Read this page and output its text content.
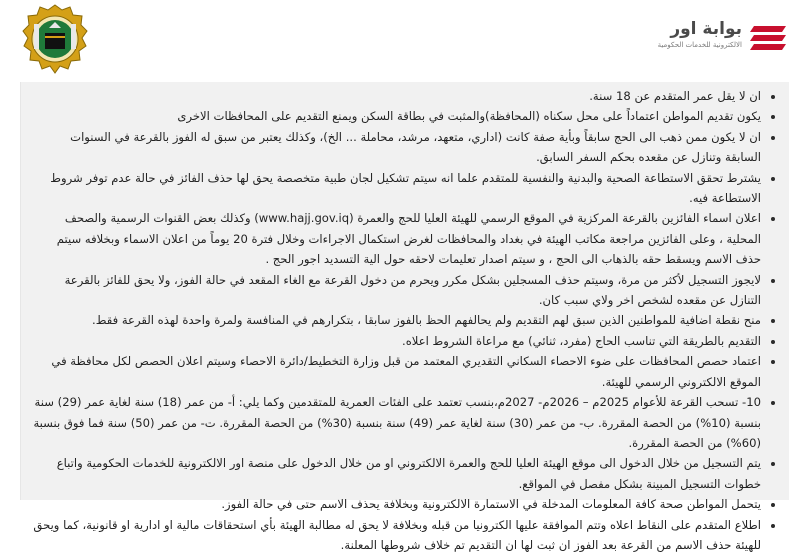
بوابة اور
الالكترونية للخدمات الحكومية
• ان لا يقل عمر المتقدم عن 18 سنة.
• يكون تقديم المواطن اعتماداً على محل سكناه (المحافظة)والمثبت في بطاقة السكن ويمنع التقديم على المحافظات الاخرى
• ان لا يكون ممن ذهب الى الحج سابقاً وبأية صفة كانت (اداري، متعهد، مرشد، محاملة ... الخ)، وكذلك يعتبر من سبق له الفوز بالقرعة في السنوات السابقة وتنازل عن مقعده بحكم السفر السابق.
• يشترط تحقق الاستطاعة الصحية والبدنية والنفسية للمتقدم علما انه سيتم تشكيل لجان طبية متخصصة يحق لها حذف الفائز في حالة عدم توفر شروط الاستطاعة فيه.
• اعلان اسماء الفائزين بالقرعة المركزية في الموقع الرسمي للهيئة العليا للحج والعمرة (www.hajj.gov.iq) وكذلك بعض القنوات الرسمية والصحف المحلية ، وعلى الفائزين مراجعة مكاتب الهيئة في بغداد والمحافظات لغرض استكمال الاجراءات وخلال فترة 20 يوماً من اعلان الاسماء وبخلافه سيتم حذف الاسم ويسقط حقه بالذهاب الى الحج ، و سيتم اصدار تعليمات لاحقه حول الية التسديد اجور الحج .
• لايجوز التسجيل لأكثر من مرة، وسيتم حذف المسجلين بشكل مكرر ويحرم من دخول القرعة مع الغاء المقعد في حالة الفوز، ولا يحق للفائز بالقرعة التنازل عن مقعده لشخص اخر ولاي سبب كان.
• منح نقطة اضافية للمواطنين الذين سبق لهم التقديم ولم يحالفهم الحظ بالفوز سابقا ، بتكرارهم في المنافسة ولمرة واحدة لهذه القرعة فقط.
• التقديم بالطريقة التي تناسب الحاج (مفرد، ثنائي) مع مراعاة الشروط اعلاه.
• اعتماد حصص المحافظات على ضوء الاحصاء السكاني التقديري المعتمد من قبل وزارة التخطيط/دائرة الاحصاء وسيتم اعلان الحصص لكل محافظة في الموقع الالكتروني الرسمي للهيئة.
• 10- تسحب القرعة للأعوام 2025م – 2026م- 2027م،بنسب تعتمد على الفئات العمرية للمتقدمين وكما يلي: أ- من عمر (18) سنة لغاية عمر (29) سنة بنسبة (10%) من الحصة المقررة. ب- من عمر (30) سنة لغاية عمر (49) سنة بنسبة (30%) من الحصة المقررة. ت- من عمر (50) سنة فما فوق بنسبة (60%) من الحصة المقررة.
• يتم التسجيل من خلال الدخول الى موقع الهيئة العليا للحج والعمرة الالكتروني او من خلال الدخول على منصة اور الالكترونية للخدمات الحكومية واتباع خطوات التسجيل المبينة بشكل مفصل في المواقع.
• يتحمل المواطن صحة كافة المعلومات المدخلة في الاستمارة الالكترونية وبخلافة يحذف الاسم حتى في حالة الفوز.
• اطلاع المتقدم على النقاط اعلاه وتتم الموافقة عليها الكترونيا من قبله وبخلافة لا يحق له مطالبة الهيئة بأي استحقاقات مالية او ادارية او قانونية، كما ويحق للهيئة حذف الاسم من القرعة بعد الفوز ان ثبت لها ان التقديم تم خلاف شروطها المعلنة.
